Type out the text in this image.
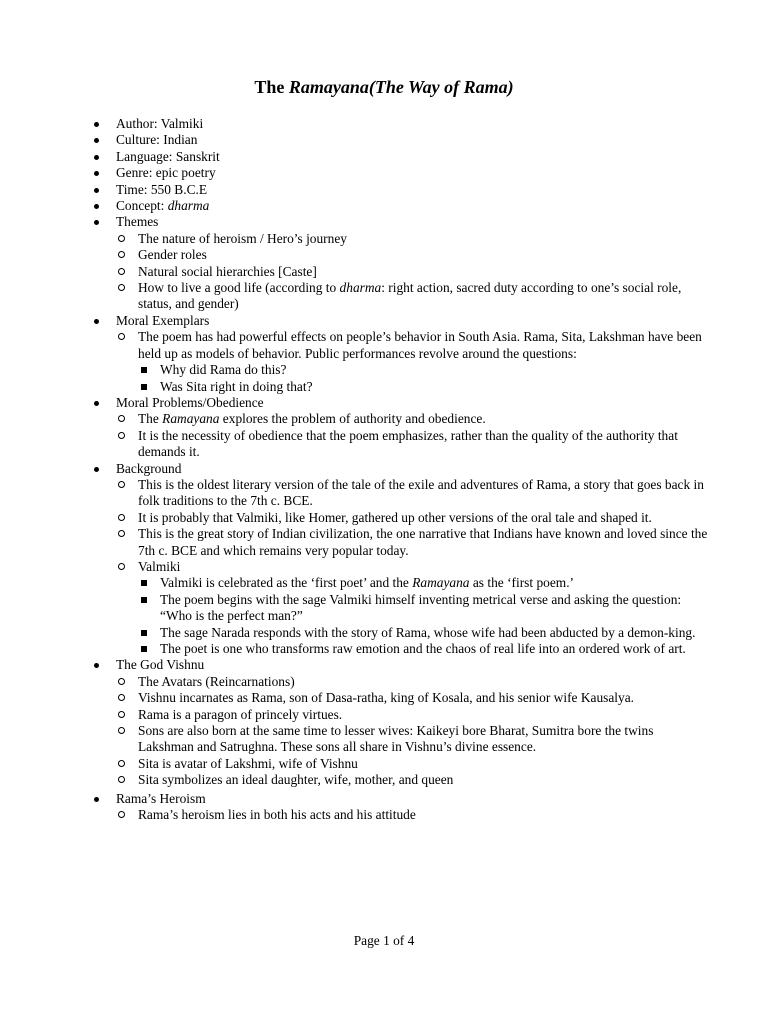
The Ramayana(The Way of Rama)
Author: Valmiki
Culture: Indian
Language: Sanskrit
Genre: epic poetry
Time: 550 B.C.E
Concept: dharma
Themes
The nature of heroism / Hero’s journey
Gender roles
Natural social hierarchies [Caste]
How to live a good life (according to dharma: right action, sacred duty according to one’s social role, status, and gender)
Moral Exemplars
The poem has had powerful effects on people’s behavior in South Asia. Rama, Sita, Lakshman have been held up as models of behavior. Public performances revolve around the questions:
Why did Rama do this?
Was Sita right in doing that?
Moral Problems/Obedience
The Ramayana explores the problem of authority and obedience.
It is the necessity of obedience that the poem emphasizes, rather than the quality of the authority that demands it.
Background
This is the oldest literary version of the tale of the exile and adventures of Rama, a story that goes back in folk traditions to the 7th c. BCE.
It is probably that Valmiki, like Homer, gathered up other versions of the oral tale and shaped it.
This is the great story of Indian civilization, the one narrative that Indians have known and loved since the 7th c. BCE and which remains very popular today.
Valmiki
Valmiki is celebrated as the ‘first poet’ and the Ramayana as the ‘first poem.’
The poem begins with the sage Valmiki himself inventing metrical verse and asking the question: “Who is the perfect man?”
The sage Narada responds with the story of Rama, whose wife had been abducted by a demon-king.
The poet is one who transforms raw emotion and the chaos of real life into an ordered work of art.
The God Vishnu
The Avatars (Reincarnations)
Vishnu incarnates as Rama, son of Dasa-ratha, king of Kosala, and his senior wife Kausalya.
Rama is a paragon of princely virtues.
Sons are also born at the same time to lesser wives: Kaikeyi bore Bharat, Sumitra bore the twins Lakshman and Satrughna. These sons all share in Vishnu’s divine essence.
Sita is avatar of Lakshmi, wife of Vishnu
Sita symbolizes an ideal daughter, wife, mother, and queen
Rama’s Heroism
Rama’s heroism lies in both his acts and his attitude
Page 1 of 4
